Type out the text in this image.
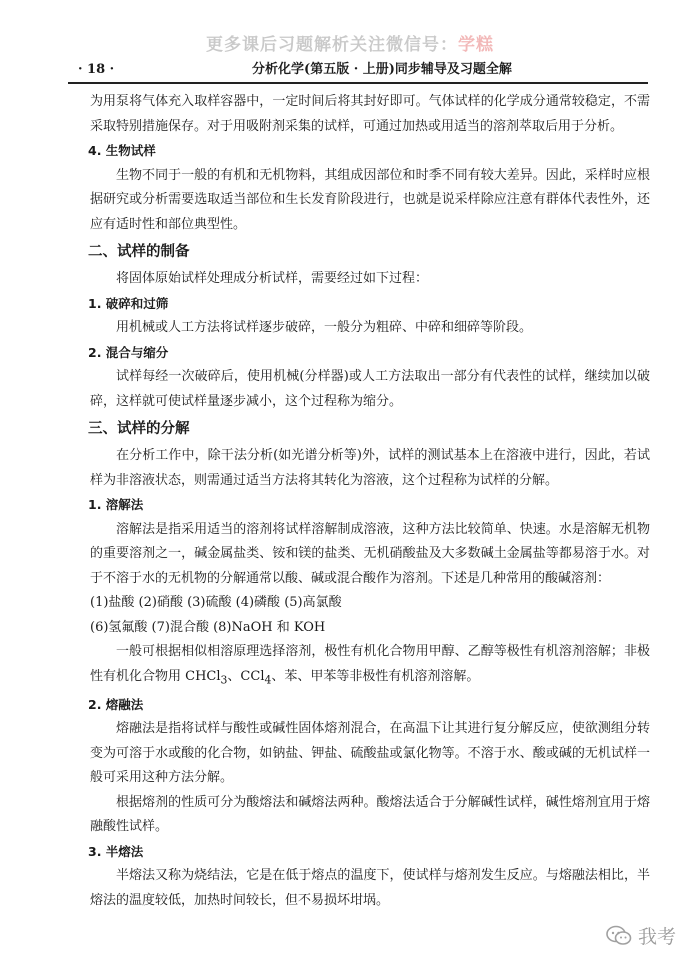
更多课后习题解析关注微信号：学糕
· 18 ·	分析化学(第五版 · 上册)同步辅导及习题全解

为用泵将气体充入取样容器中，一定时间后将其封好即可。气体试样的化学成分通常较稳定，不需采取特别措施保存。对于用吸附剂采集的试样，可通过加热或用适当的溶剂萃取后用于分析。

4. 生物试样

生物不同于一般的有机和无机物料，其组成因部位和时季不同有较大差异。因此，采样时应根据研究或分析需要选取适当部位和生长发育阶段进行，也就是说采样除应注意有群体代表性外，还应有适时性和部位典型性。

二、试样的制备

将固体原始试样处理成分析试样，需要经过如下过程：

1. 破碎和过筛

用机械或人工方法将试样逐步破碎，一般分为粗碎、中碎和细碎等阶段。

2. 混合与缩分

试样每经一次破碎后，使用机械(分样器)或人工方法取出一部分有代表性的试样，继续加以破碎，这样就可使试样量逐步减小，这个过程称为缩分。

三、试样的分解

在分析工作中，除干法分析(如光谱分析等)外，试样的测试基本上在溶液中进行，因此，若试样为非溶液状态，则需通过适当方法将其转化为溶液，这个过程称为试样的分解。

1. 溶解法

溶解法是指采用适当的溶剂将试样溶解制成溶液，这种方法比较简单、快速。水是溶解无机物的重要溶剂之一，碱金属盐类、铵和镁的盐类、无机硝酸盐及大多数碱土金属盐等都易溶于水。对于不溶于水的无机物的分解通常以酸、碱或混合酸作为溶剂。下述是几种常用的酸碱溶剂：

(1)盐酸 (2)硝酸 (3)硫酸 (4)磷酸 (5)高氯酸

(6)氢氟酸 (7)混合酸 (8)NaOH 和 KOH

一般可根据相似相溶原理选择溶剂，极性有机化合物用甲醇、乙醇等极性有机溶剂溶解；非极性有机化合物用 CHCl$_3$、CCl$_4$、苯、甲苯等非极性有机溶剂溶解。

2. 熔融法

熔融法是指将试样与酸性或碱性固体熔剂混合，在高温下让其进行复分解反应，使欲测组分转变为可溶于水或酸的化合物，如钠盐、钾盐、硫酸盐或氯化物等。不溶于水、酸或碱的无机试样一般可采用这种方法分解。

根据熔剂的性质可分为酸熔法和碱熔法两种。酸熔法适合于分解碱性试样，碱性熔剂宜用于熔融酸性试样。

3. 半熔法

半熔法又称为烧结法，它是在低于熔点的温度下，使试样与熔剂发生反应。与熔融法相比，半熔法的温度较低，加热时间较长，但不易损坏坩埚。

我考
